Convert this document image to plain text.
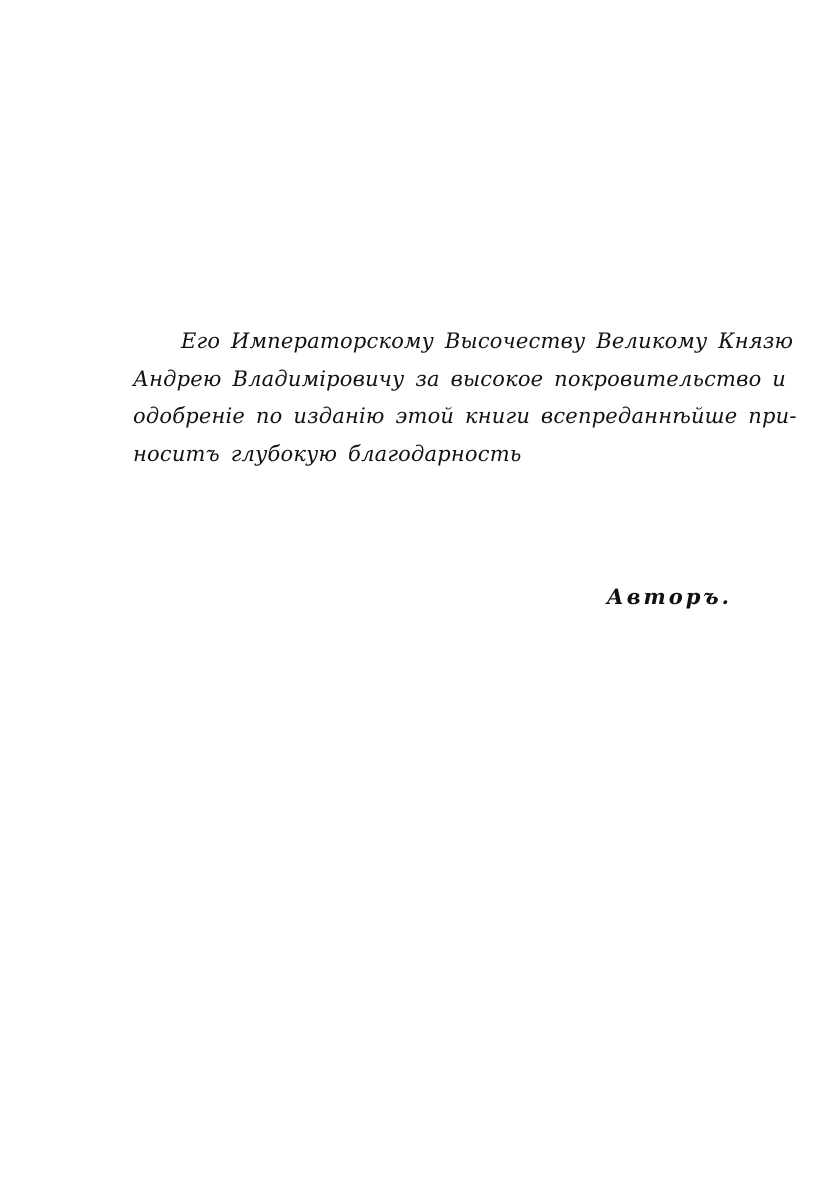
Его Императорскому Высочеству Великому Князю
Андрею Владимiровичу за высокое покровительство и
одобренiе по изданiю этой книги всепреданнѣйше при-
носитъ глубокую благодарность
Авторъ.
